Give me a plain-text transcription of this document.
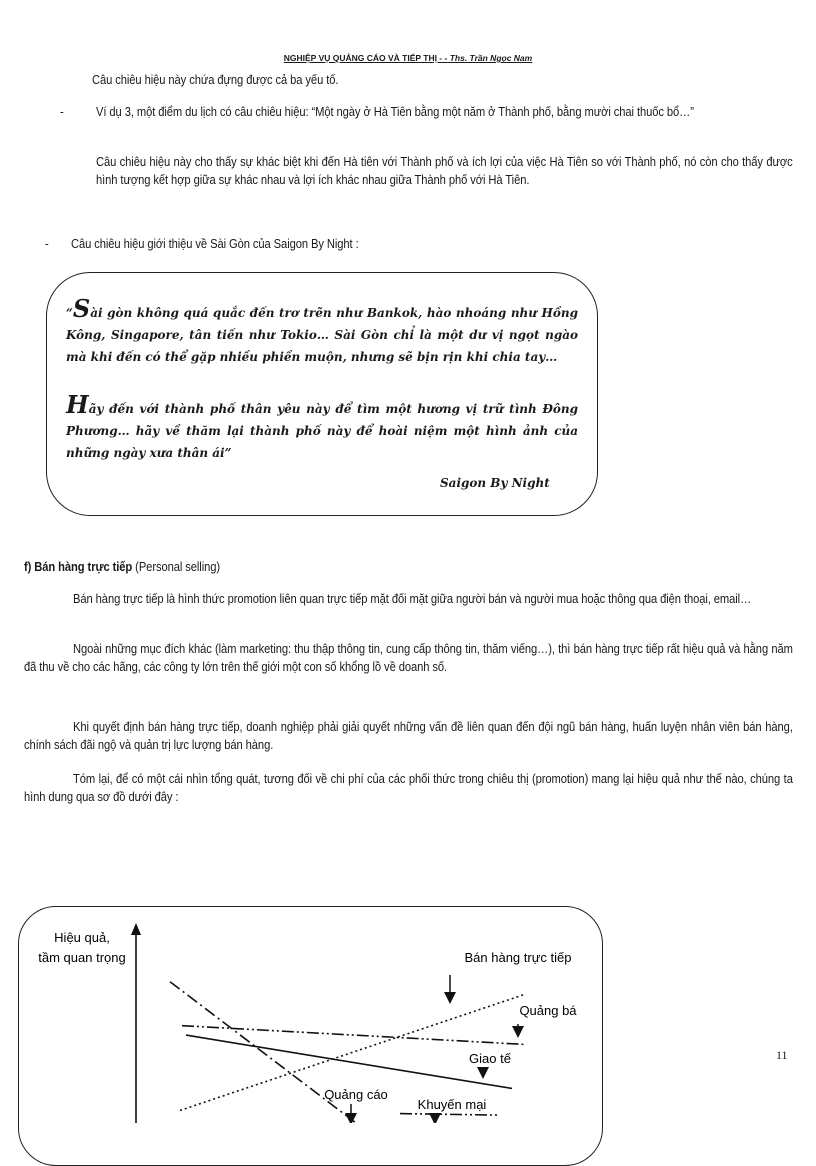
NGHIỆP VỤ QUẢNG CÁO VÀ TIẾP THỊ - - Ths. Trần Ngọc Nam
Câu chiêu hiệu này chứa đựng được cả ba yếu tố.
- Ví dụ 3, một điểm du lịch có câu chiêu hiệu: “Một ngày ở Hà Tiên bằng một năm ở Thành phố, bằng mười chai thuốc bổ…”
Câu chiêu hiệu này cho thấy sự khác biệt khi đến Hà tiên với Thành phố và ích lợi của việc Hà Tiên so với Thành phố, nó còn cho thấy được hình tượng kết hợp giữa sự khác nhau và lợi ích khác nhau giữa Thành phố với Hà Tiên.
- Câu chiêu hiệu giới thiệu về Sài Gòn của Saigon By Night :
“Sài gòn không quá quắc đến trơ trẽn như Bankok, hào nhoáng như Hồng Kông, Singapore, tân tiến như Tokio… Sài Gòn chỉ là một dư vị ngọt ngào mà khi đến có thể gặp nhiều phiền muộn, nhưng sẽ bịn rịn khi chia tay…
Hãy đến với thành phố thân yêu này để tìm một hương vị trữ tình Đông Phương… hãy về thăm lại thành phố này để hoài niệm một hình ảnh của những ngày xưa thân ái”
Saigon By Night
f) Bán hàng trực tiếp (Personal selling)
Bán hàng trực tiếp là hình thức promotion liên quan trực tiếp mặt đối mặt giữa người bán và người mua hoặc thông qua điện thoại, email…
Ngoài những mục đích khác (làm marketing: thu thập thông tin, cung cấp thông tin, thăm viếng…), thì bán hàng trực tiếp rất hiệu quả và hằng năm đã thu về cho các hãng, các công ty lớn trên thế giới một con số khổng lồ về doanh số.
Khi quyết định bán hàng trực tiếp, doanh nghiệp phải giải quyết những vấn đề liên quan đến đội ngũ bán hàng, huấn luyện nhân viên bán hàng, chính sách đãi ngộ và quản trị lực lượng bán hàng.
Tóm lại, để có một cái nhìn tổng quát, tương đối về chi phí của các phối thức trong chiêu thị (promotion) mang lại hiệu quả như thế nào, chúng ta hình dung qua sơ đồ dưới đây :
11
Hiệu quả,
tầm quan trọng	Bán hàng trực tiếp
Quảng bá
Giao tế
Quảng cáo
Khuyến mại
